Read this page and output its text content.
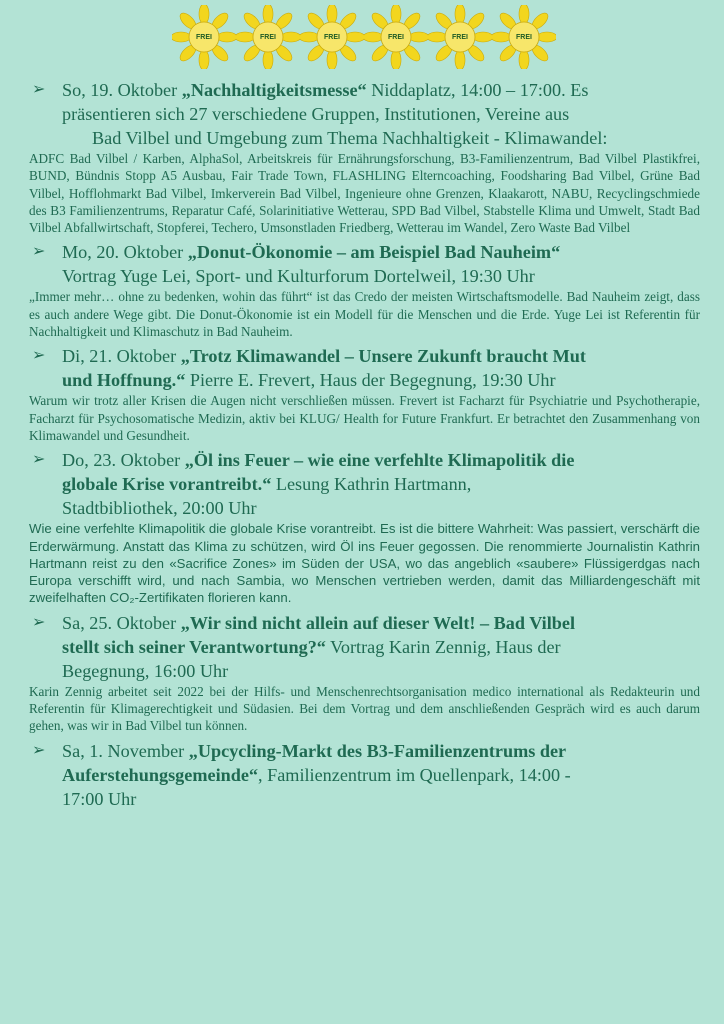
FREI	FREI	FREI	FREI	FREI	FREI
➢ So, 19. Oktober „Nachhaltigkeitsmesse“ Niddaplatz, 14:00 – 17:00. Es
präsentieren sich 27 verschiedene Gruppen, Institutionen, Vereine aus
Bad Vilbel und Umgebung zum Thema Nachhaltigkeit - Klimawandel:
ADFC Bad Vilbel / Karben, AlphaSol, Arbeitskreis für Ernährungsforschung, B3-Familienzentrum, Bad Vilbel Plastikfrei, BUND, Bündnis Stopp A5 Ausbau, Fair Trade Town, FLASHLING Elterncoaching, Foodsharing Bad Vilbel, Grüne Bad Vilbel, Hofflohmarkt Bad Vilbel, Imkerverein Bad Vilbel, Ingenieure ohne Grenzen, Klaakarott, NABU, Recyclingschmiede des B3 Familienzentrums, Reparatur Café, Solarinitiative Wetterau, SPD Bad Vilbel, Stabstelle Klima und Umwelt, Stadt Bad Vilbel Abfallwirtschaft, Stopferei, Techero, Umsonstladen Friedberg, Wetterau im Wandel, Zero Waste Bad Vilbel
➢ Mo, 20. Oktober „Donut-Ökonomie – am Beispiel Bad Nauheim“
Vortrag Yuge Lei, Sport- und Kulturforum Dortelweil, 19:30 Uhr
„Immer mehr… ohne zu bedenken, wohin das führt“ ist das Credo der meisten Wirtschaftsmodelle. Bad Nauheim zeigt, dass es auch andere Wege gibt. Die Donut-Ökonomie ist ein Modell für die Menschen und die Erde. Yuge Lei ist Referentin für Nachhaltigkeit und Klimaschutz in Bad Nauheim.
➢ Di, 21. Oktober „Trotz Klimawandel – Unsere Zukunft braucht Mut
und Hoffnung.“ Pierre E. Frevert, Haus der Begegnung, 19:30 Uhr
Warum wir trotz aller Krisen die Augen nicht verschließen müssen. Frevert ist Facharzt für Psychiatrie und Psychotherapie, Facharzt für Psychosomatische Medizin, aktiv bei KLUG/ Health for Future Frankfurt. Er betrachtet den Zusammenhang von Klimawandel und Gesundheit.
➢ Do, 23. Oktober „Öl ins Feuer – wie eine verfehlte Klimapolitik die
globale Krise vorantreibt.“ Lesung Kathrin Hartmann,
Stadtbibliothek, 20:00 Uhr
Wie eine verfehlte Klimapolitik die globale Krise vorantreibt. Es ist die bittere Wahrheit: Was passiert, verschärft die Erderwärmung. Anstatt das Klima zu schützen, wird Öl ins Feuer gegossen. Die renommierte Journalistin Kathrin Hartmann reist zu den «Sacrifice Zones» im Süden der USA, wo das angeblich «saubere» Flüssigerdgas nach Europa verschifft wird, und nach Sambia, wo Menschen vertrieben werden, damit das Milliardengeschäft mit zweifelhaften CO₂-Zertifikaten florieren kann.
➢ Sa, 25. Oktober „Wir sind nicht allein auf dieser Welt! – Bad Vilbel
stellt sich seiner Verantwortung?“ Vortrag Karin Zennig, Haus der
Begegnung, 16:00 Uhr
Karin Zennig arbeitet seit 2022 bei der Hilfs- und Menschenrechtsorganisation medico international als Redakteurin und Referentin für Klimagerechtigkeit und Südasien. Bei dem Vortrag und dem anschließenden Gespräch wird es auch darum gehen, was wir in Bad Vilbel tun können.
➢ Sa, 1. November „Upcycling-Markt des B3-Familienzentrums der
Auferstehungsgemeinde“, Familienzentrum im Quellenpark, 14:00 -
17:00 Uhr
